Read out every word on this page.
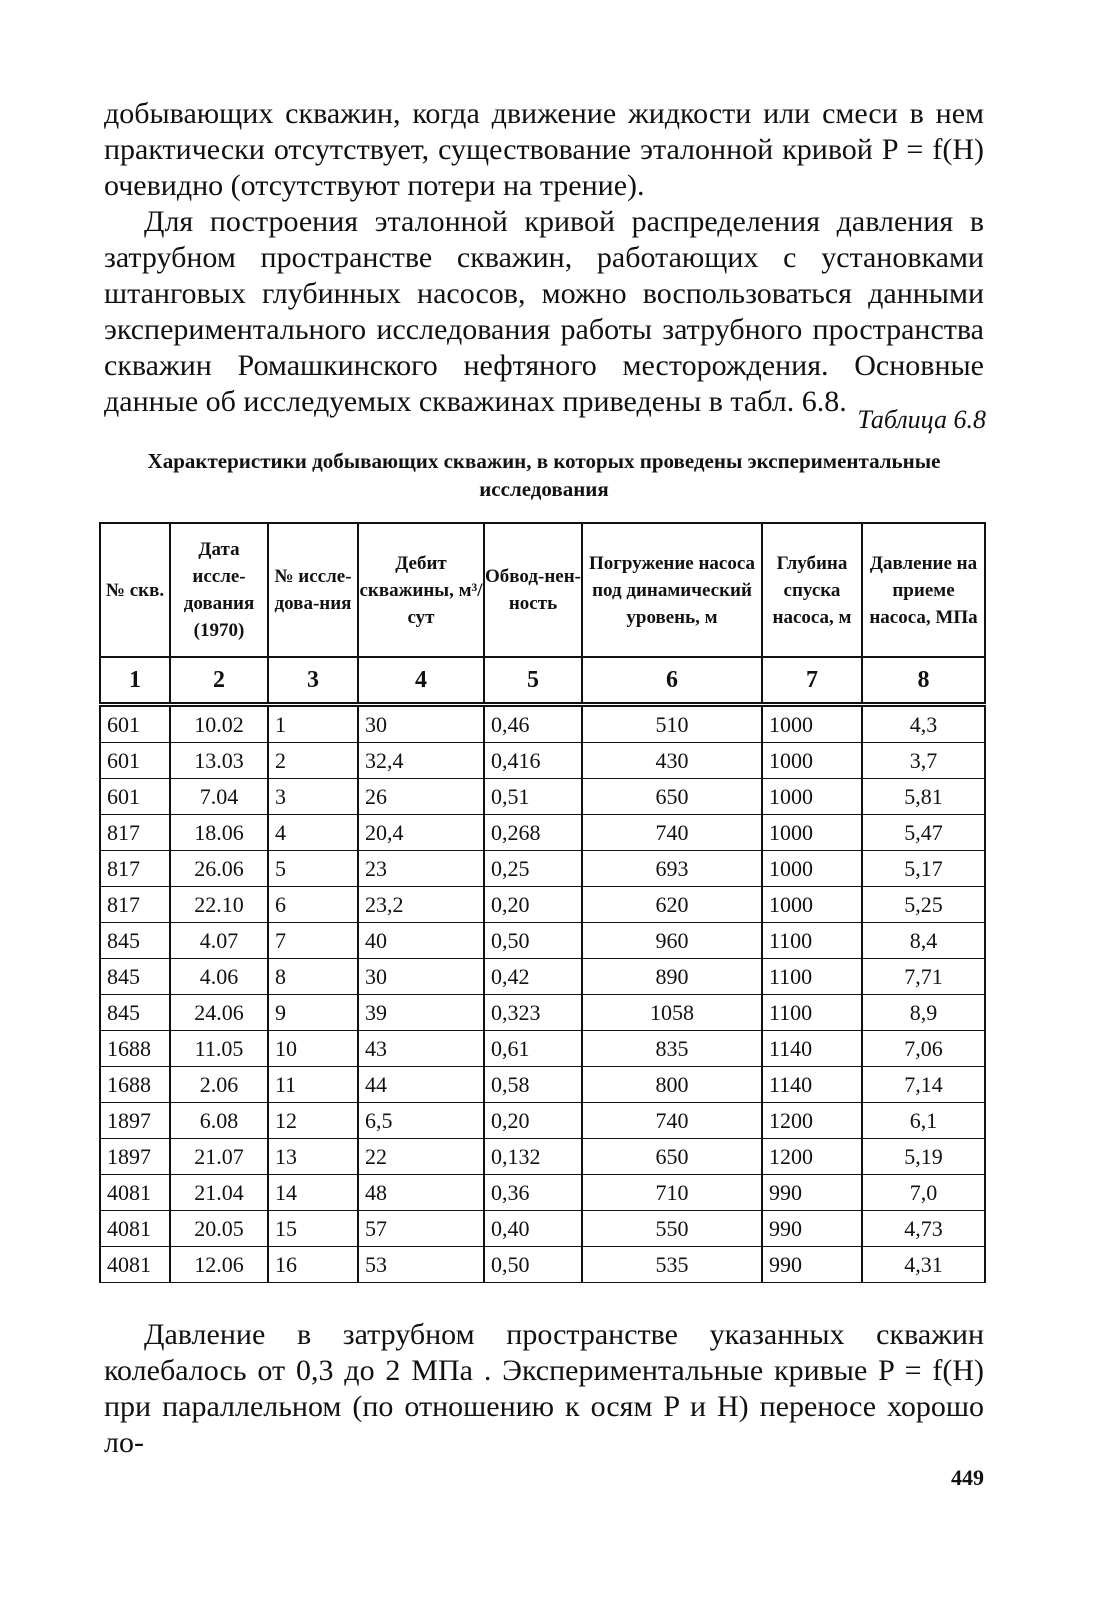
добывающих скважин, когда движение жидкости или смеси в нем практически отсутствует, существование эталонной кривой P = f(H) очевидно (отсутствуют потери на трение).

Для построения эталонной кривой распределения давления в затрубном пространстве скважин, работающих с установками штанговых глубинных насосов, можно воспользоваться данными экспериментального исследования работы затрубного пространства скважин Ромашкинского нефтяного месторождения. Основные данные об исследуемых скважинах приведены в табл. 6.8.

Таблица 6.8
Характеристики добывающих скважин, в которых проведены экспериментальные исследования
№ скв.	Дата иссле-дования (1970)	№ иссле-дова-ния	Дебит скважины, м³/сут	Обвод-нен-ность	Погружение насоса под динамический уровень, м	Глубина спуска насоса, м	Давление на приеме насоса, МПа
1	2	3	4	5	6	7	8
601	10.02	1	30	0,46	510	1000	4,3
601	13.03	2	32,4	0,416	430	1000	3,7
601	7.04	3	26	0,51	650	1000	5,81
817	18.06	4	20,4	0,268	740	1000	5,47
817	26.06	5	23	0,25	693	1000	5,17
817	22.10	6	23,2	0,20	620	1000	5,25
845	4.07	7	40	0,50	960	1100	8,4
845	4.06	8	30	0,42	890	1100	7,71
845	24.06	9	39	0,323	1058	1100	8,9
1688	11.05	10	43	0,61	835	1140	7,06
1688	2.06	11	44	0,58	800	1140	7,14
1897	6.08	12	6,5	0,20	740	1200	6,1
1897	21.07	13	22	0,132	650	1200	5,19
4081	21.04	14	48	0,36	710	990	7,0
4081	20.05	15	57	0,40	550	990	4,73
4081	12.06	16	53	0,50	535	990	4,31

Давление в затрубном пространстве указанных скважин колебалось от 0,3 до 2 МПа . Экспериментальные кривые P = f(H) при параллельном (по отношению к осям P и H) переносе хорошо ло-

449
